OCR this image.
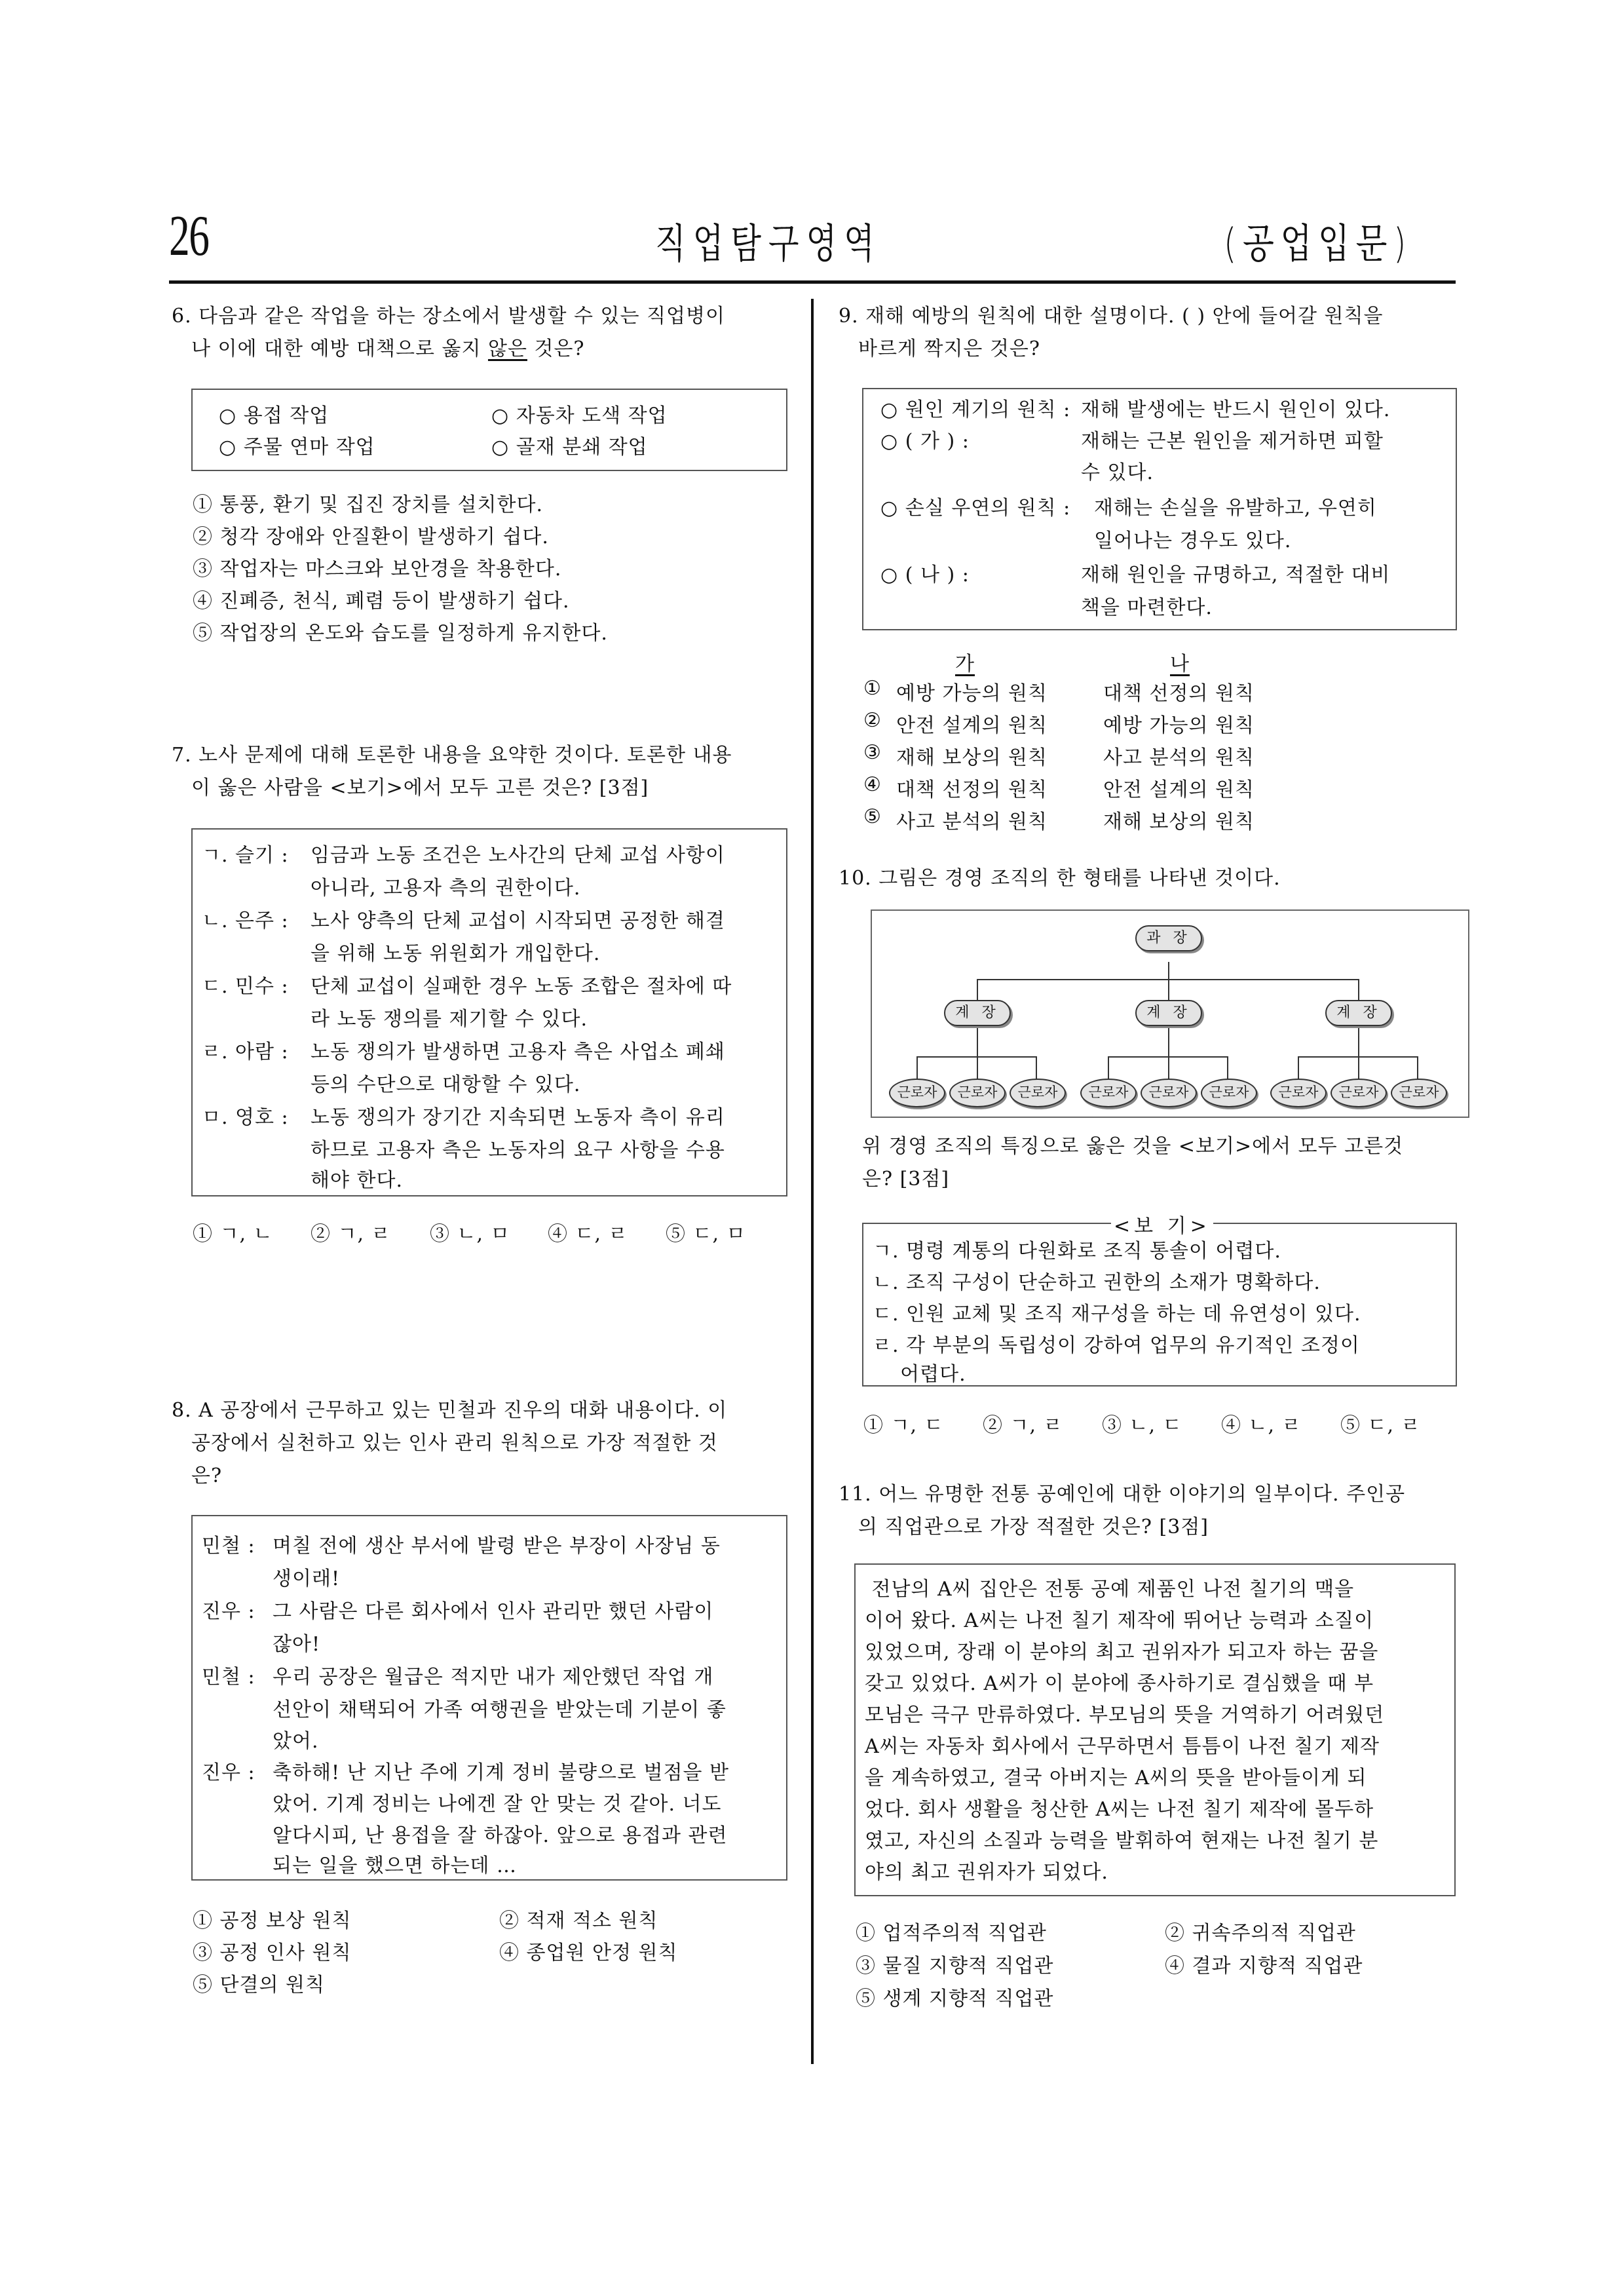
26	직업탐구영역	(공업입문)
6. 다음과 같은 작업을 하는 장소에서 발생할 수 있는 직업병이
나 이에 대한 예방 대책으로 옳지 않은 것은?
○ 용접 작업	○ 자동차 도색 작업
○ 주물 연마 작업	○ 골재 분쇄 작업
① 통풍, 환기 및 집진 장치를 설치한다.
② 청각 장애와 안질환이 발생하기 쉽다.
③ 작업자는 마스크와 보안경을 착용한다.
④ 진폐증, 천식, 폐렴 등이 발생하기 쉽다.
⑤ 작업장의 온도와 습도를 일정하게 유지한다.
7. 노사 문제에 대해 토론한 내용을 요약한 것이다. 토론한 내용
이 옳은 사람을 <보기>에서 모두 고른 것은? [3점]
ㄱ. 슬기 : 임금과 노동 조건은 노사간의 단체 교섭 사항이
아니라, 고용자 측의 권한이다.
ㄴ. 은주 : 노사 양측의 단체 교섭이 시작되면 공정한 해결
을 위해 노동 위원회가 개입한다.
ㄷ. 민수 : 단체 교섭이 실패한 경우 노동 조합은 절차에 따
라 노동 쟁의를 제기할 수 있다.
ㄹ. 아람 : 노동 쟁의가 발생하면 고용자 측은 사업소 폐쇄
등의 수단으로 대항할 수 있다.
ㅁ. 영호 : 노동 쟁의가 장기간 지속되면 노동자 측이 유리
하므로 고용자 측은 노동자의 요구 사항을 수용
해야 한다.
① ㄱ, ㄴ ② ㄱ, ㄹ ③ ㄴ, ㅁ ④ ㄷ, ㄹ ⑤ ㄷ, ㅁ
8. A 공장에서 근무하고 있는 민철과 진우의 대화 내용이다. 이
공장에서 실천하고 있는 인사 관리 원칙으로 가장 적절한 것
은?
민철 : 며칠 전에 생산 부서에 발령 받은 부장이 사장님 동
생이래!
진우 : 그 사람은 다른 회사에서 인사 관리만 했던 사람이
잖아!
민철 : 우리 공장은 월급은 적지만 내가 제안했던 작업 개
선안이 채택되어 가족 여행권을 받았는데 기분이 좋
았어.
진우 : 축하해! 난 지난 주에 기계 정비 불량으로 벌점을 받
았어. 기계 정비는 나에겐 잘 안 맞는 것 같아. 너도
알다시피, 난 용접을 잘 하잖아. 앞으로 용접과 관련
되는 일을 했으면 하는데 …
① 공정 보상 원칙	② 적재 적소 원칙
③ 공정 인사 원칙	④ 종업원 안정 원칙
⑤ 단결의 원칙
9. 재해 예방의 원칙에 대한 설명이다. ( ) 안에 들어갈 원칙을
바르게 짝지은 것은?
○ 원인 계기의 원칙 : 재해 발생에는 반드시 원인이 있다.
○ ( 가 ) :	재해는 근본 원인을 제거하면 피할
수 있다.
○ 손실 우연의 원칙 : 재해는 손실을 유발하고, 우연히
일어나는 경우도 있다.
○ ( 나 ) :	재해 원인을 규명하고, 적절한 대비
책을 마련한다.
가	나
① 예방 가능의 원칙	대책 선정의 원칙
② 안전 설계의 원칙	예방 가능의 원칙
③ 재해 보상의 원칙	사고 분석의 원칙
④ 대책 선정의 원칙	안전 설계의 원칙
⑤ 사고 분석의 원칙	재해 보상의 원칙
10. 그림은 경영 조직의 한 형태를 나타낸 것이다.
과 장
계 장	계 장	계 장
근로자	근로자	근로자	근로자	근로자	근로자	근로자	근로자	근로자
위 경영 조직의 특징으로 옳은 것을 <보기>에서 모두 고른것
은? [3점]
ㄱ. 명령 계통의 다원화로 조직 통솔이 어렵다.
ㄴ. 조직 구성이 단순하고 권한의 소재가 명확하다.
ㄷ. 인원 교체 및 조직 재구성을 하는 데 유연성이 있다.
ㄹ. 각 부분의 독립성이 강하여 업무의 유기적인 조정이
어렵다.
<보 기>
① ㄱ, ㄷ ② ㄱ, ㄹ ③ ㄴ, ㄷ ④ ㄴ, ㄹ ⑤ ㄷ, ㄹ
11. 어느 유명한 전통 공예인에 대한 이야기의 일부이다. 주인공
의 직업관으로 가장 적절한 것은? [3점]
전남의 A씨 집안은 전통 공예 제품인 나전 칠기의 맥을
이어 왔다. A씨는 나전 칠기 제작에 뛰어난 능력과 소질이
있었으며, 장래 이 분야의 최고 권위자가 되고자 하는 꿈을
갖고 있었다. A씨가 이 분야에 종사하기로 결심했을 때 부
모님은 극구 만류하였다. 부모님의 뜻을 거역하기 어려웠던
A씨는 자동차 회사에서 근무하면서 틈틈이 나전 칠기 제작
을 계속하였고, 결국 아버지는 A씨의 뜻을 받아들이게 되
었다. 회사 생활을 청산한 A씨는 나전 칠기 제작에 몰두하
였고, 자신의 소질과 능력을 발휘하여 현재는 나전 칠기 분
야의 최고 권위자가 되었다.
① 업적주의적 직업관	② 귀속주의적 직업관
③ 물질 지향적 직업관	④ 결과 지향적 직업관
⑤ 생계 지향적 직업관
